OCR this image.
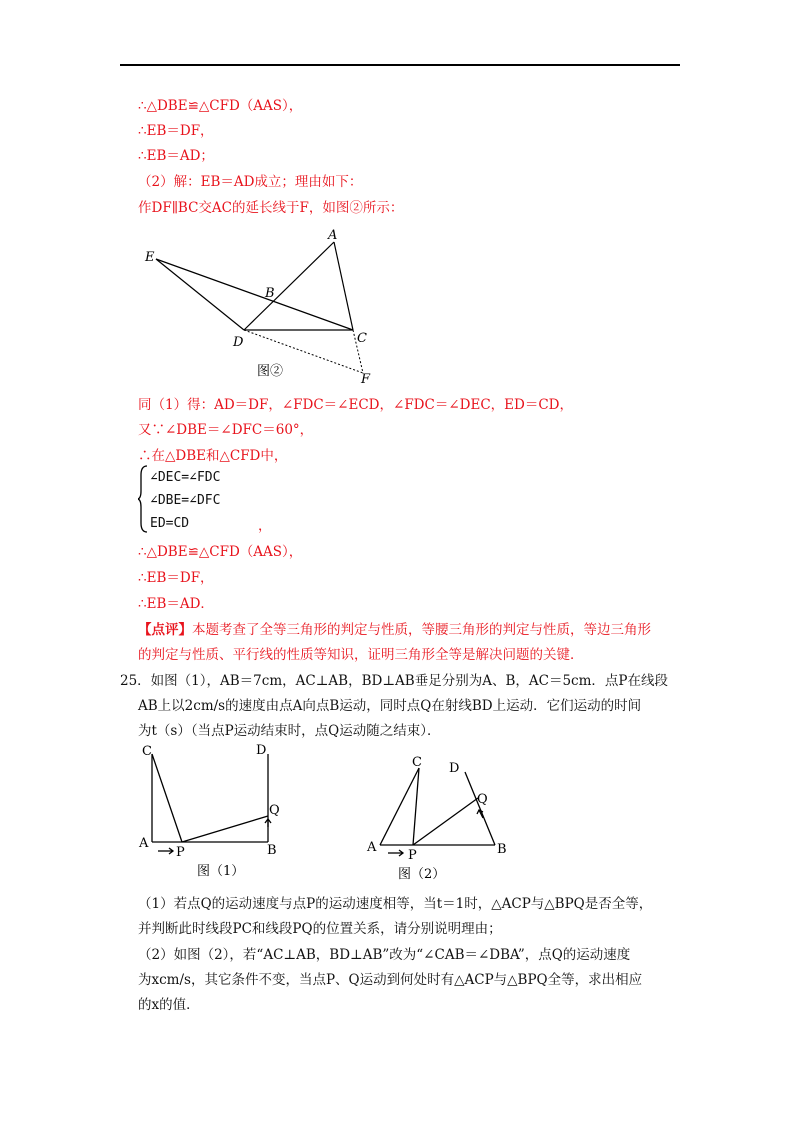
∴△DBE≌△CFD（AAS），
∴EB＝DF，
∴EB＝AD；
（2）解：EB＝AD成立；理由如下：
作DF∥BC交AC的延长线于F，如图②所示：
E
A
B
D	C
F
图②
同（1）得：AD＝DF，∠FDC＝∠ECD，∠FDC＝∠DEC，ED＝CD，
又∵∠DBE＝∠DFC＝60°，
∴在△DBE和△CFD中，
∠DEC=∠FDC
∠DBE=∠DFC
ED=CD	，
∴△DBE≌△CFD（AAS），
∴EB＝DF，
∴EB＝AD．
【点评】本题考查了全等三角形的判定与性质，等腰三角形的判定与性质，等边三角形
的判定与性质、平行线的性质等知识，证明三角形全等是解决问题的关键．
25．如图（1），AB＝7cm，AC⊥AB，BD⊥AB垂足分别为A、B，AC＝5cm．点P在线段
AB上以2cm/s的速度由点A向点B运动，同时点Q在射线BD上运动．它们运动的时间
为t（s）（当点P运动结束时，点Q运动随之结束）．
C	D
Q
A
P	B
图（1）
C D
Q
A
P	B
图（2）
（1）若点Q的运动速度与点P的运动速度相等，当t＝1时，△ACP与△BPQ是否全等，
并判断此时线段PC和线段PQ的位置关系，请分别说明理由；
（2）如图（2），若“AC⊥AB，BD⊥AB”改为“∠CAB＝∠DBA”，点Q的运动速度
为xcm/s，其它条件不变，当点P、Q运动到何处时有△ACP与△BPQ全等，求出相应
的x的值．
